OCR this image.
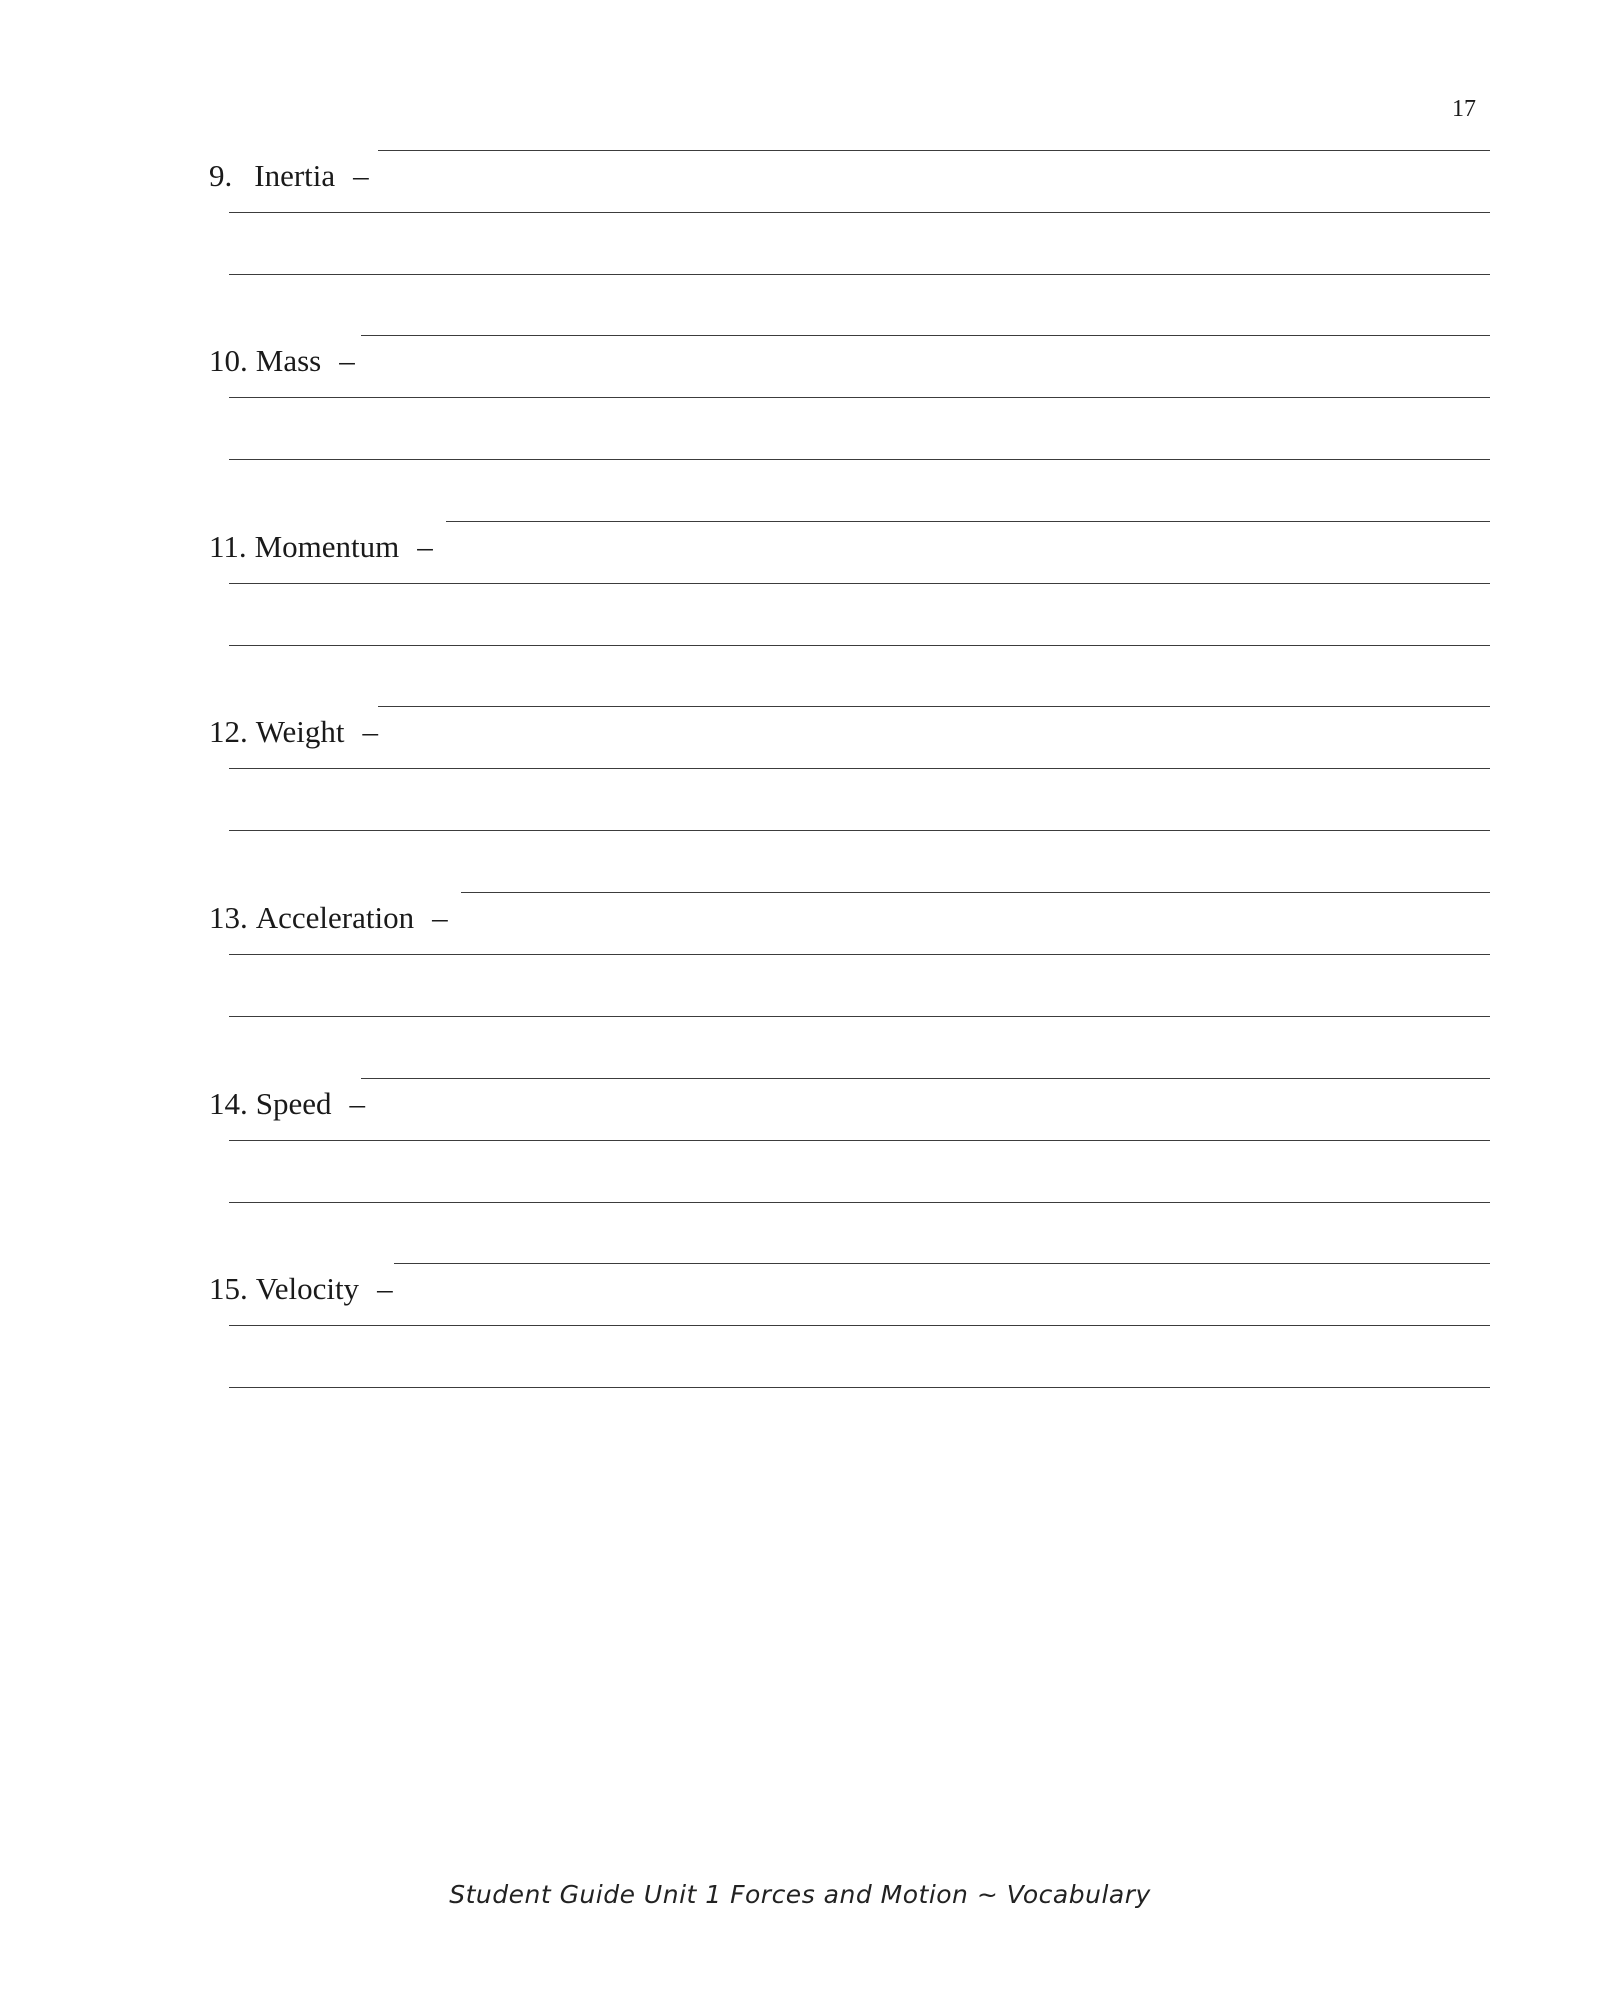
17

9. Inertia –

10. Mass –

11. Momentum –

12. Weight –

13. Acceleration –

14. Speed –

15. Velocity –

Student Guide Unit 1 Forces and Motion ~ Vocabulary
